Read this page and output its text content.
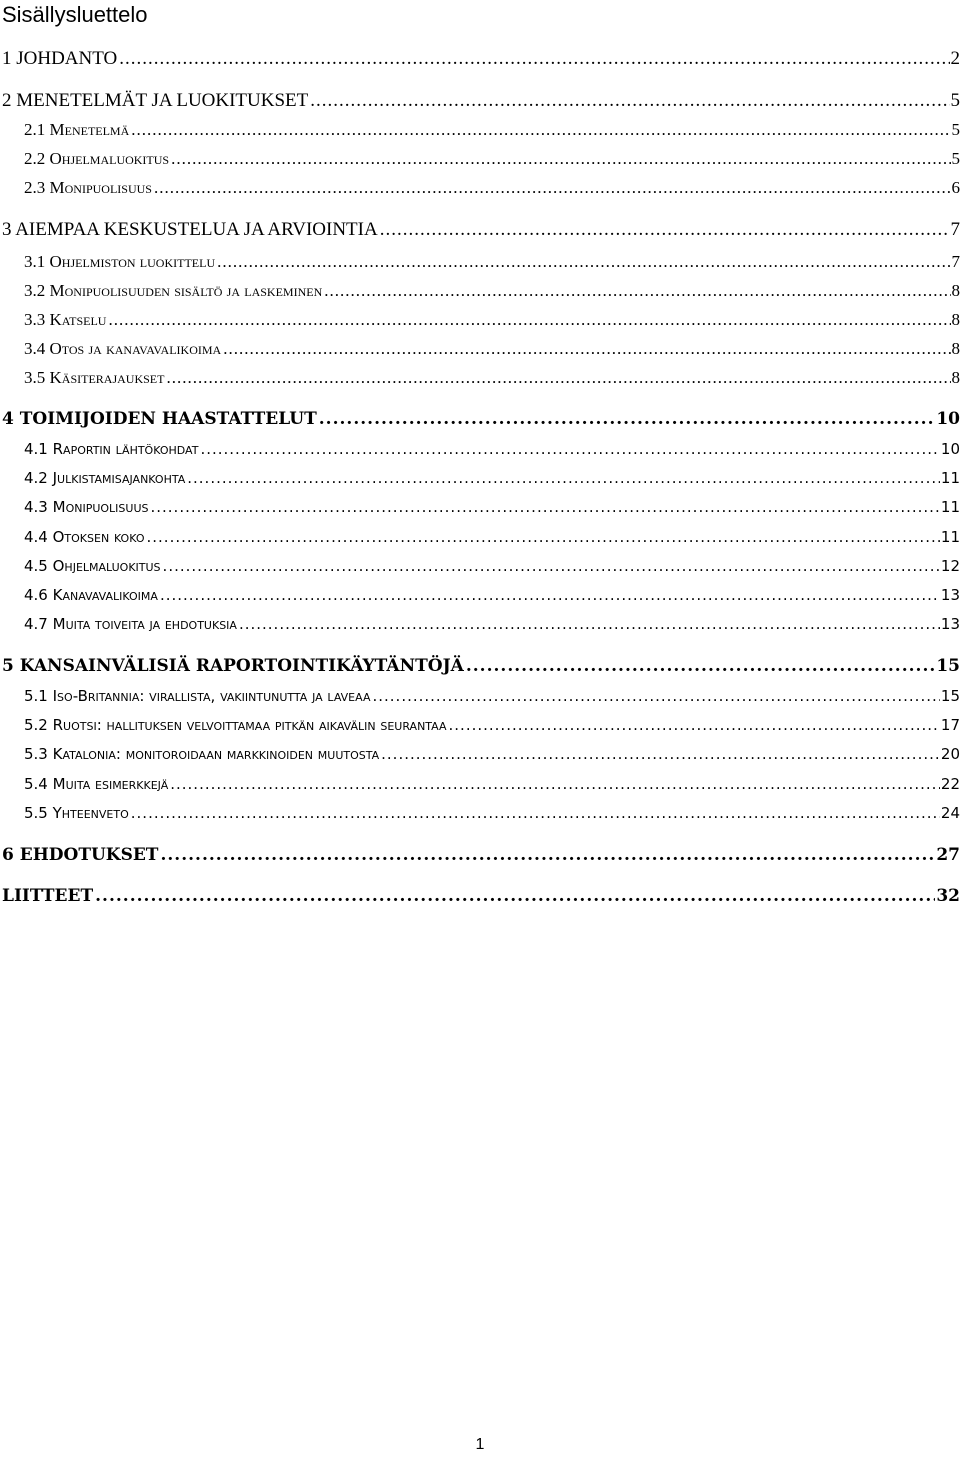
Sisällysluettelo
1 JOHDANTO .....	2
2 MENETELMÄT JA LUOKITUKSET .....	5
2.1 Menetelmä .....	5
2.2 Ohjelmaluokitus .....	5
2.3 Monipuolisuus .....	6
3 AIEMPAA KESKUSTELUA JA ARVIOINTIA .....	7
3.1 Ohjelmiston luokittelu .....	7
3.2 Monipuolisuuden sisältö ja laskeminen .....	8
3.3 Katselu .....	8
3.4 Otos ja kanavavalikoima .....	8
3.5 Käsiterajaukset .....	8
4 TOIMIJOIDEN HAASTATTELUT .....	10
4.1 Raportin lähtökohdat .....	10
4.2 Julkistamisajankohta .....	11
4.3 Monipuolisuus .....	11
4.4 Otoksen koko .....	11
4.5 Ohjelmaluokitus .....	12
4.6 Kanavavalikoima .....	13
4.7 Muita toiveita ja ehdotuksia .....	13
5 KANSAINVÄLISIÄ RAPORTOINTIKÄYTÄNTÖJÄ .....	15
5.1 Iso-Britannia: virallista, vakiintunutta ja laveaa .....	15
5.2 Ruotsi: hallituksen velvoittamaa pitkän aikavälin seurantaa .....	17
5.3 Katalonia: monitoroidaan markkinoiden muutosta .....	20
5.4 Muita esimerkkejä .....	22
5.5 Yhteenveto .....	24
6 EHDOTUKSET .....	27
LIITTEET .....	32
1
